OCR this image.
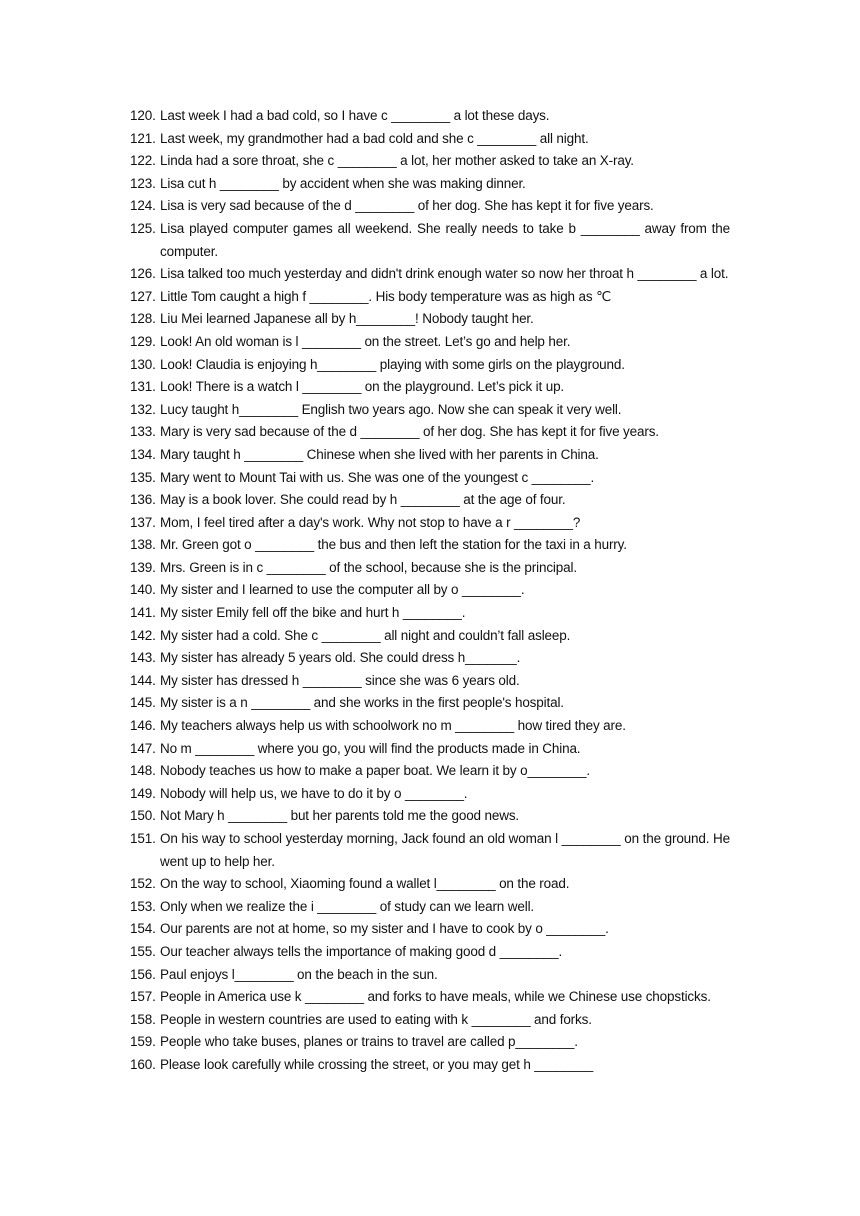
120. Last week I had a bad cold, so I have c ________ a lot these days.
121. Last week, my grandmother had a bad cold and she c ________ all night.
122. Linda had a sore throat, she c ________ a lot, her mother asked to take an X-ray.
123. Lisa cut h ________ by accident when she was making dinner.
124. Lisa is very sad because of the d ________ of her dog. She has kept it for five years.
125. Lisa played computer games all weekend. She really needs to take b ________ away from the computer.
126. Lisa talked too much yesterday and didn't drink enough water so now her throat h ________ a lot.
127. Little Tom caught a high f ________. His body temperature was as high as ℃
128. Liu Mei learned Japanese all by h________! Nobody taught her.
129. Look! An old woman is l ________ on the street. Let’s go and help her.
130. Look! Claudia is enjoying h________ playing with some girls on the playground.
131. Look! There is a watch l ________ on the playground. Let’s pick it up.
132. Lucy taught h________ English two years ago. Now she can speak it very well.
133. Mary is very sad because of the d ________ of her dog. She has kept it for five years.
134. Mary taught h ________ Chinese when she lived with her parents in China.
135. Mary went to Mount Tai with us. She was one of the youngest c ________.
136. May is a book lover. She could read by h ________ at the age of four.
137. Mom, I feel tired after a day's work. Why not stop to have a r ________?
138. Mr. Green got o ________ the bus and then left the station for the taxi in a hurry.
139. Mrs. Green is in c ________ of the school, because she is the principal.
140. My sister and I learned to use the computer all by o ________.
141. My sister Emily fell off the bike and hurt h ________.
142. My sister had a cold. She c ________ all night and couldn’t fall asleep.
143. My sister has already 5 years old. She could dress h_______.
144. My sister has dressed h ________ since she was 6 years old.
145. My sister is a n ________ and she works in the first people's hospital.
146. My teachers always help us with schoolwork no m ________ how tired they are.
147. No m ________ where you go, you will find the products made in China.
148. Nobody teaches us how to make a paper boat. We learn it by o________.
149. Nobody will help us, we have to do it by o ________.
150. Not Mary h ________ but her parents told me the good news.
151. On his way to school yesterday morning, Jack found an old woman l ________ on the ground. He went up to help her.
152. On the way to school, Xiaoming found a wallet l________ on the road.
153. Only when we realize the i ________ of study can we learn well.
154. Our parents are not at home, so my sister and I have to cook by o ________.
155. Our teacher always tells the importance of making good d ________.
156. Paul enjoys l________ on the beach in the sun.
157. People in America use k ________ and forks to have meals, while we Chinese use chopsticks.
158. People in western countries are used to eating with k ________ and forks.
159. People who take buses, planes or trains to travel are called p________.
160. Please look carefully while crossing the street, or you may get h ________
